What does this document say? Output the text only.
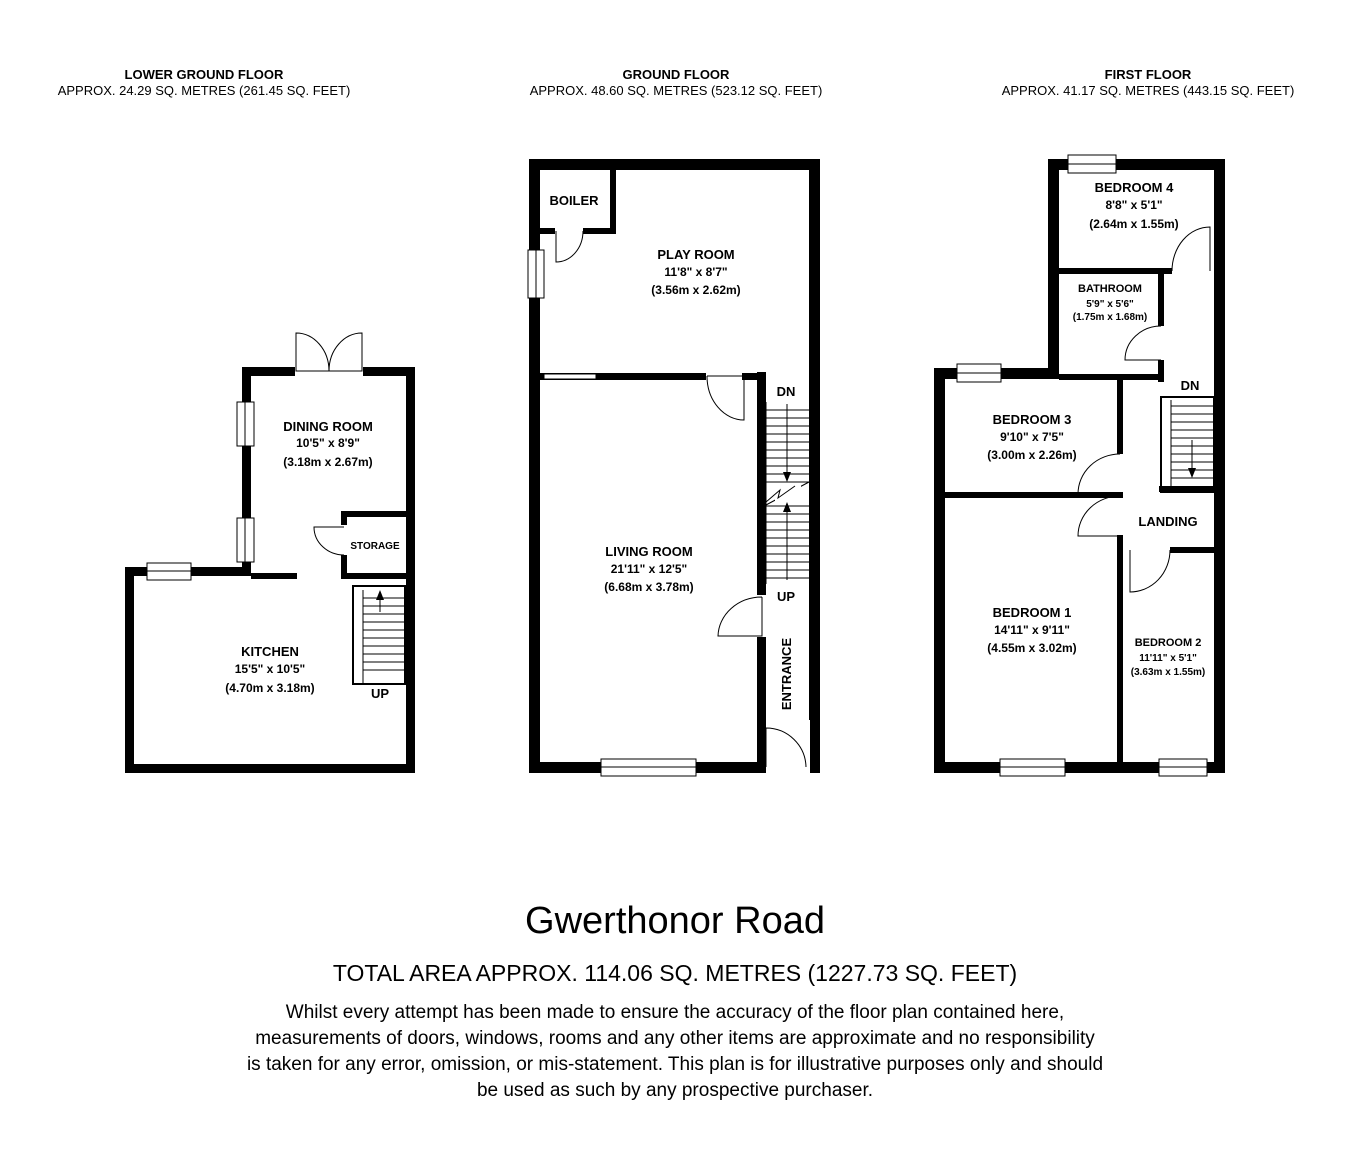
LOWER GROUND FLOOR
APPROX. 24.29 SQ. METRES (261.45 SQ. FEET)
GROUND FLOOR
APPROX. 48.60 SQ. METRES (523.12 SQ. FEET)
FIRST FLOOR
APPROX. 41.17 SQ. METRES (443.15 SQ. FEET)
DINING ROOM
10'5" x 8'9"
(3.18m x 2.67m)
STORAGE
KITCHEN
15'5" x 10'5"
(4.70m x 3.18m)	UP
BOILER
PLAY ROOM
11'8" x 8'7"
(3.56m x 2.62m)
LIVING ROOM
21'11" x 12'5"
(6.68m x 3.78m)
DN
UP
ENTRANCE
BEDROOM 4
8'8" x 5'1"
(2.64m x 1.55m)
BATHROOM
5'9" x 5'6"
(1.75m x 1.68m)
BEDROOM 3
9'10" x 7'5"
(3.00m x 2.26m)
DN
LANDING
BEDROOM 1
14'11" x 9'11"
(4.55m x 3.02m)	BEDROOM 2
11'11" x 5'1"
(3.63m x 1.55m)
Gwerthonor Road
TOTAL AREA APPROX. 114.06 SQ. METRES (1227.73 SQ. FEET)
Whilst every attempt has been made to ensure the accuracy of the floor plan contained here,
measurements of doors, windows, rooms and any other items are approximate and no responsibility
is taken for any error, omission, or mis-statement. This plan is for illustrative purposes only and should
be used as such by any prospective purchaser.
